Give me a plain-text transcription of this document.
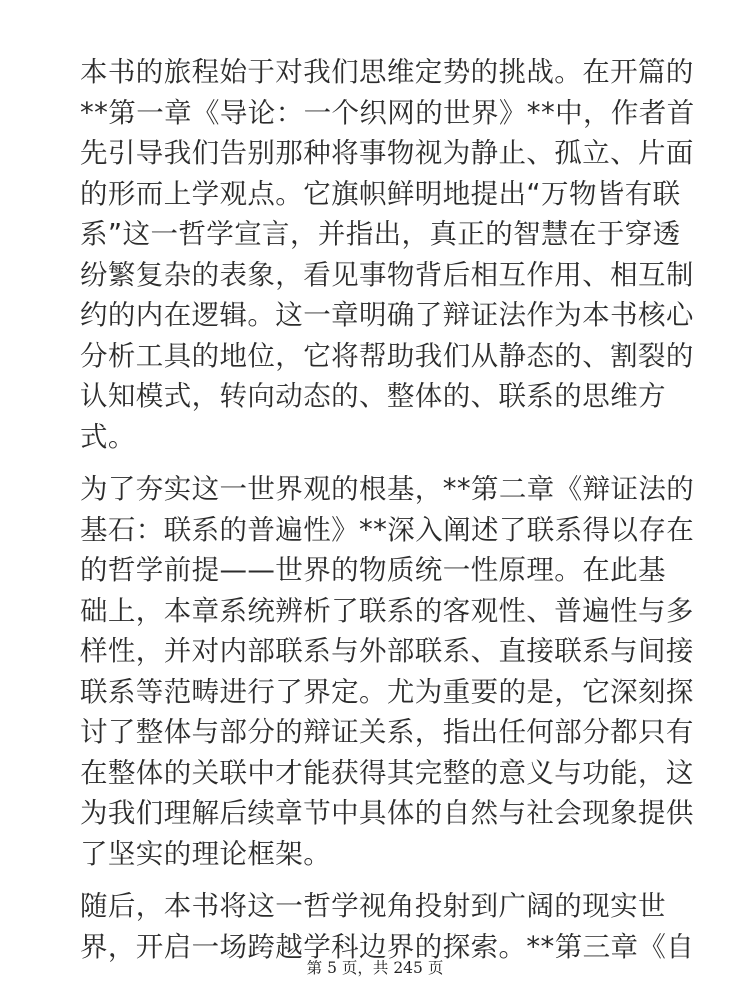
本书的旅程始于对我们思维定势的挑战。在开篇的
**第一章《导论：一个织网的世界》**中，作者首
先引导我们告别那种将事物视为静止、孤立、片面
的形而上学观点。它旗帜鲜明地提出“万物皆有联
系”这一哲学宣言，并指出，真正的智慧在于穿透
纷繁复杂的表象，看见事物背后相互作用、相互制
约的内在逻辑。这一章明确了辩证法作为本书核心
分析工具的地位，它将帮助我们从静态的、割裂的
认知模式，转向动态的、整体的、联系的思维方
式。

为了夯实这一世界观的根基，**第二章《辩证法的
基石：联系的普遍性》**深入阐述了联系得以存在
的哲学前提——世界的物质统一性原理。在此基
础上，本章系统辨析了联系的客观性、普遍性与多
样性，并对内部联系与外部联系、直接联系与间接
联系等范畴进行了界定。尤为重要的是，它深刻探
讨了整体与部分的辩证关系，指出任何部分都只有
在整体的关联中才能获得其完整的意义与功能，这
为我们理解后续章节中具体的自然与社会现象提供
了坚实的理论框架。

随后，本书将这一哲学视角投射到广阔的现实世
界，开启一场跨越学科边界的探索。**第三章《自

第 5 页，共 245 页
